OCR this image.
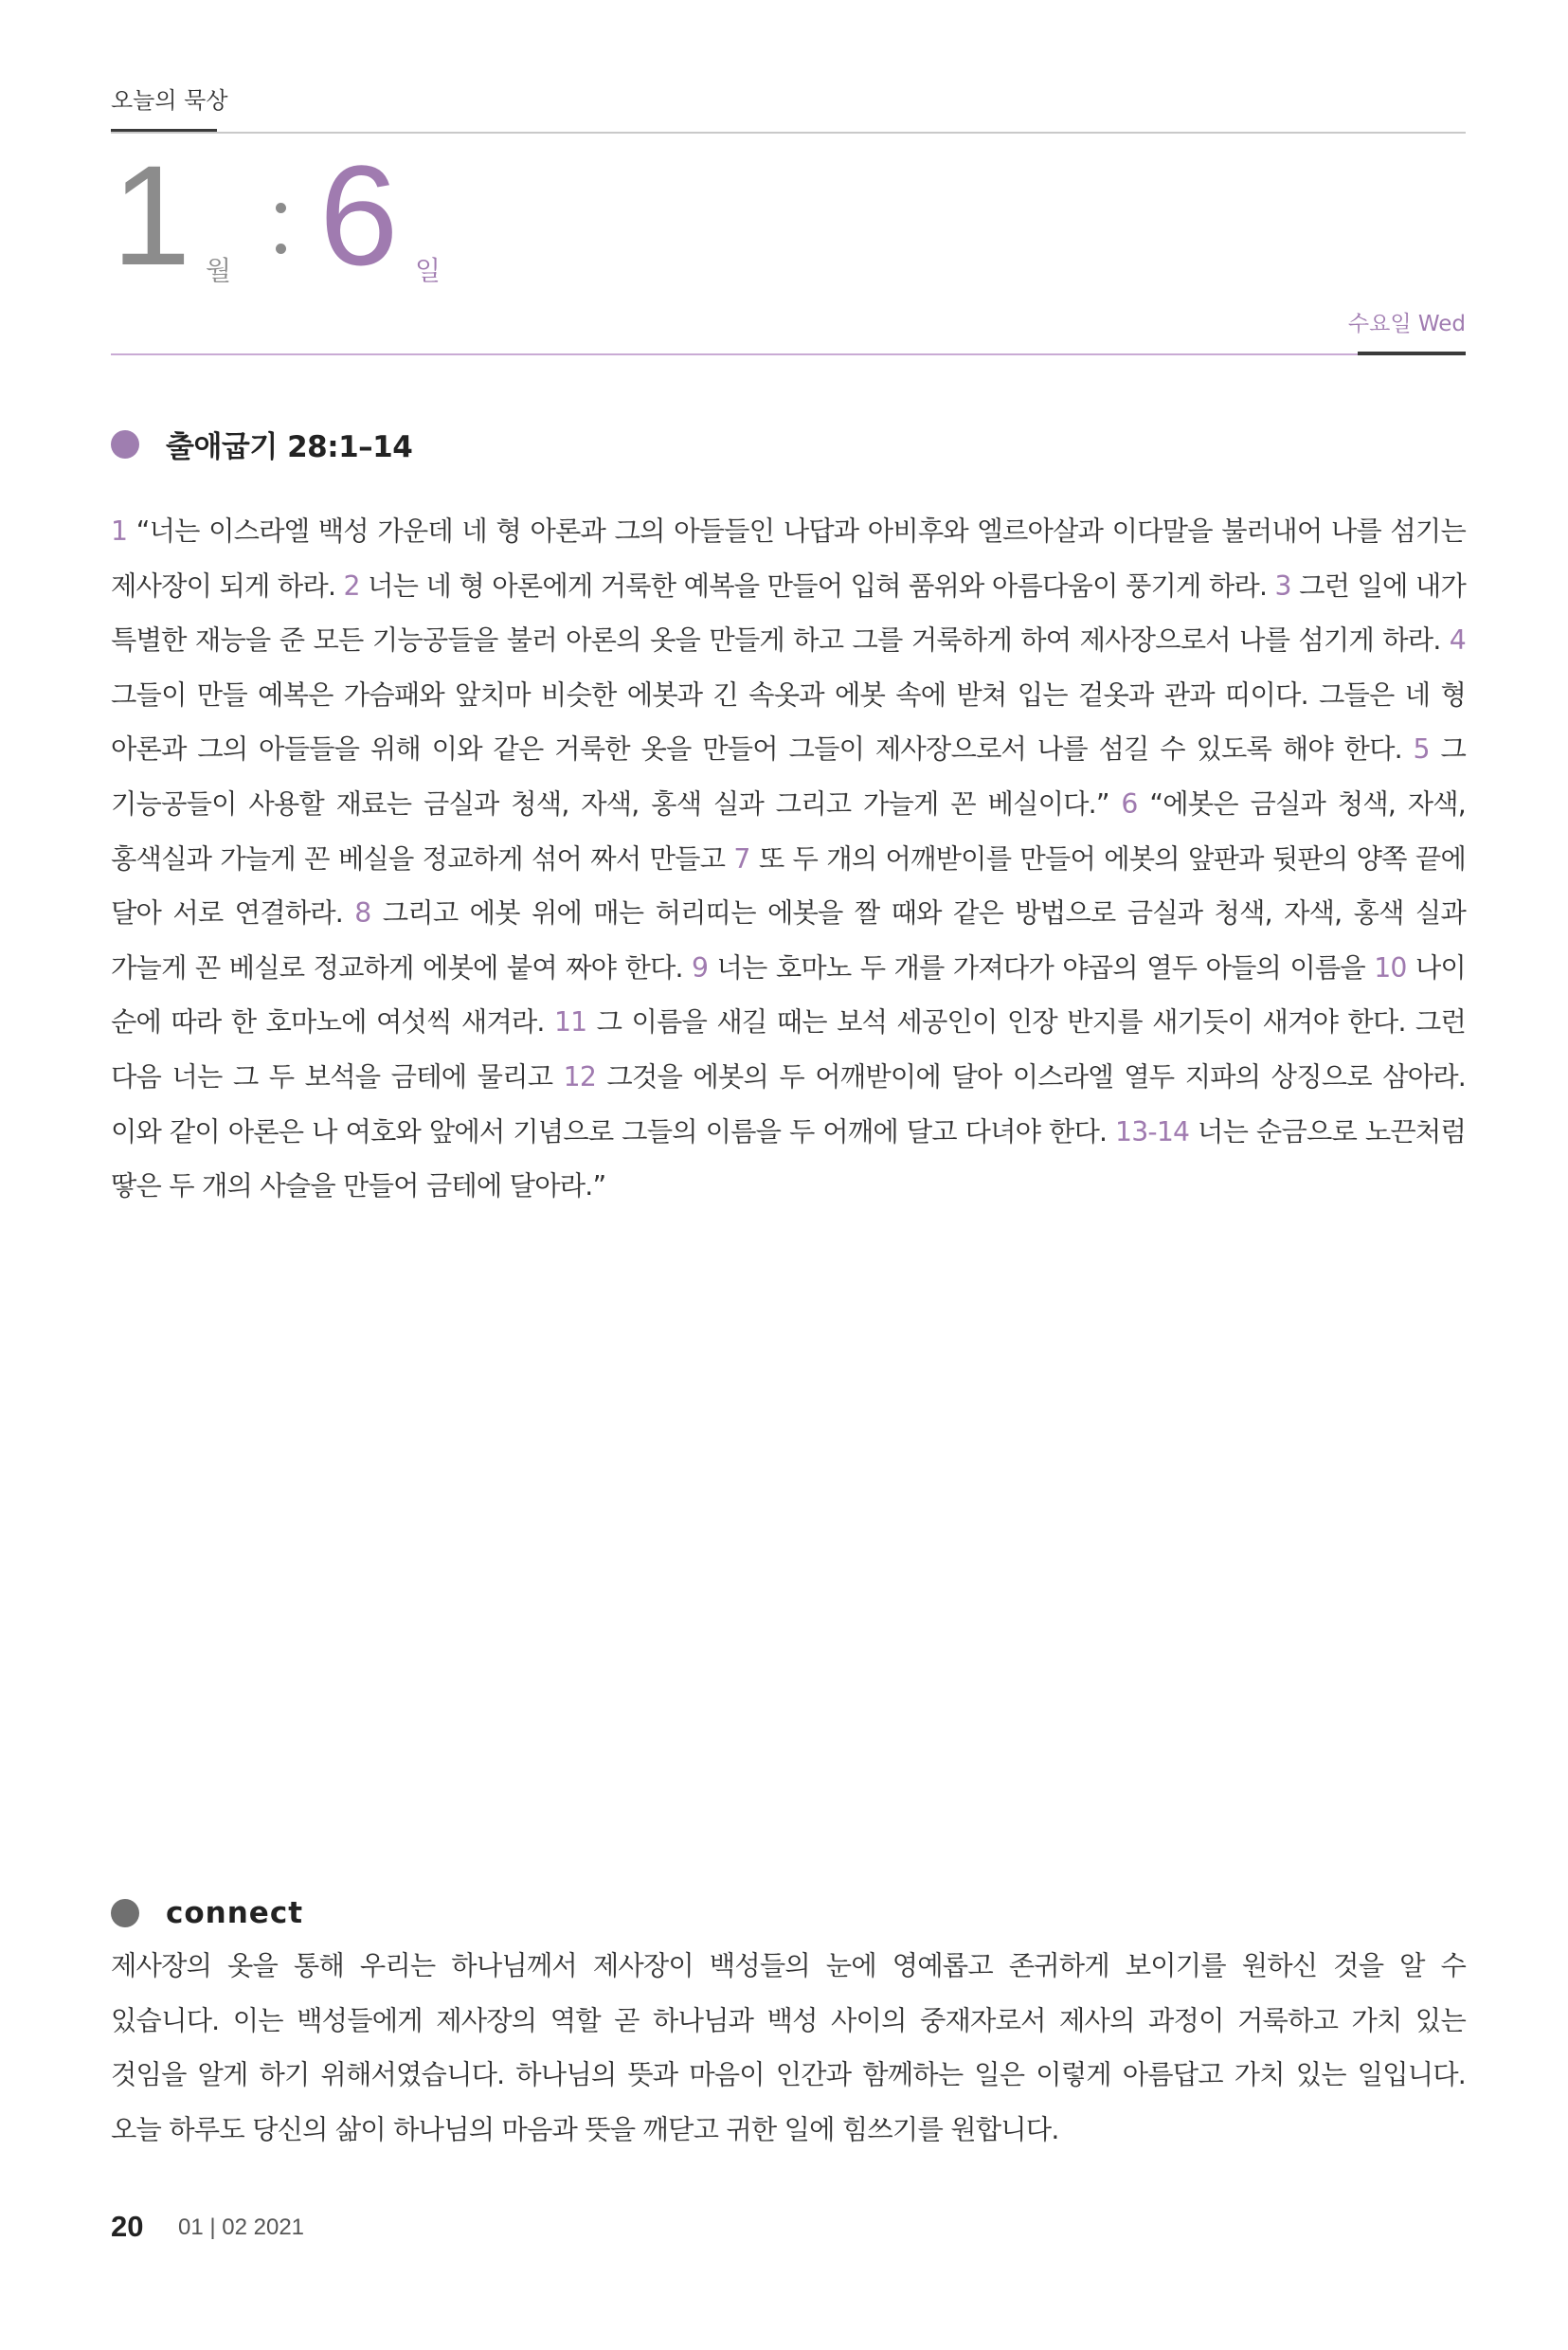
오늘의 묵상
1 월 6 일
수요일 Wed
출애굽기 28:1–14
1 “너는 이스라엘 백성 가운데 네 형 아론과 그의 아들들인 나답과 아비후와 엘르아살과 이다말을 불러내어 나를 섬기는 제사장이 되게 하라. 2 너는 네 형 아론에게 거룩한 예복을 만들어 입혀 품위와 아름다움이 풍기게 하라. 3 그런 일에 내가 특별한 재능을 준 모든 기능공들을 불러 아론의 옷을 만들게 하고 그를 거룩하게 하여 제사장으로서 나를 섬기게 하라. 4 그들이 만들 예복은 가슴패와 앞치마 비슷한 에봇과 긴 속옷과 에봇 속에 받쳐 입는 겉옷과 관과 띠이다. 그들은 네 형 아론과 그의 아들들을 위해 이와 같은 거룩한 옷을 만들어 그들이 제사장으로서 나를 섬길 수 있도록 해야 한다. 5 그 기능공들이 사용할 재료는 금실과 청색, 자색, 홍색 실과 그리고 가늘게 꼰 베실이다.” 6 “에봇은 금실과 청색, 자색, 홍색실과 가늘게 꼰 베실을 정교하게 섞어 짜서 만들고 7 또 두 개의 어깨받이를 만들어 에봇의 앞판과 뒷판의 양쪽 끝에 달아 서로 연결하라. 8 그리고 에봇 위에 매는 허리띠는 에봇을 짤 때와 같은 방법으로 금실과 청색, 자색, 홍색 실과 가늘게 꼰 베실로 정교하게 에봇에 붙여 짜야 한다. 9 너는 호마노 두 개를 가져다가 야곱의 열두 아들의 이름을 10 나이 순에 따라 한 호마노에 여섯씩 새겨라. 11 그 이름을 새길 때는 보석 세공인이 인장 반지를 새기듯이 새겨야 한다. 그런 다음 너는 그 두 보석을 금테에 물리고 12 그것을 에봇의 두 어깨받이에 달아 이스라엘 열두 지파의 상징으로 삼아라. 이와 같이 아론은 나 여호와 앞에서 기념으로 그들의 이름을 두 어깨에 달고 다녀야 한다. 13-14 너는 순금으로 노끈처럼 땋은 두 개의 사슬을 만들어 금테에 달아라.”
connect
제사장의 옷을 통해 우리는 하나님께서 제사장이 백성들의 눈에 영예롭고 존귀하게 보이기를 원하신 것을 알 수 있습니다. 이는 백성들에게 제사장의 역할 곧 하나님과 백성 사이의 중재자로서 제사의 과정이 거룩하고 가치 있는 것임을 알게 하기 위해서였습니다. 하나님의 뜻과 마음이 인간과 함께하는 일은 이렇게 아름답고 가치 있는 일입니다. 오늘 하루도 당신의 삶이 하나님의 마음과 뜻을 깨닫고 귀한 일에 힘쓰기를 원합니다.
20 01 | 02 2021
